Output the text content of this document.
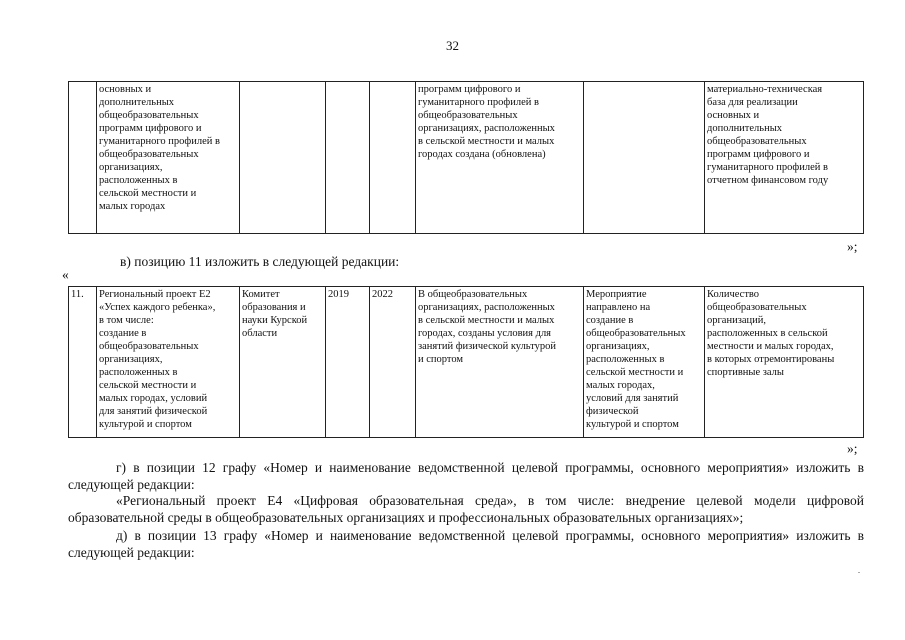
32
	основных и
дополнительных
общеобразовательных
программ цифрового и
гуманитарного профилей в
общеобразовательных
организациях,
расположенных в
сельской местности и
малых городах				программ цифрового и
гуманитарного профилей в
общеобразовательных
организациях, расположенных
в сельской местности и малых
городах создана (обновлена)		материально-техническая
база для реализации
основных и
дополнительных
общеобразовательных
программ цифрового и
гуманитарного профилей в
отчетном финансовом году
»;
в) позицию 11 изложить в следующей редакции:
«
11.	Региональный проект Е2
«Успех каждого ребенка»,
в том числе:
создание в
общеобразовательных
организациях,
расположенных в
сельской местности и
малых городах, условий
для занятий физической
культурой и спортом	Комитет
образования и
науки Курской
области	2019	2022	В общеобразовательных
организациях, расположенных
в сельской местности и малых
городах, созданы условия для
занятий физической культурой
и спортом	Мероприятие
направлено на
создание в
общеобразовательных
организациях,
расположенных в
сельской местности и
малых городах,
условий для занятий
физической
культурой и спортом	Количество
общеобразовательных
организаций,
расположенных в сельской
местности и малых городах,
в которых отремонтированы
спортивные залы
»;
г) в позиции 12 графу «Номер и наименование ведомственной целевой программы, основного мероприятия» изложить в следующей редакции:
«Региональный проект Е4 «Цифровая образовательная среда», в том числе: внедрение целевой модели цифровой образовательной среды в общеобразовательных организациях и профессиональных образовательных организациях»;
д) в позиции 13 графу «Номер и наименование ведомственной целевой программы, основного мероприятия» изложить в следующей редакции:
